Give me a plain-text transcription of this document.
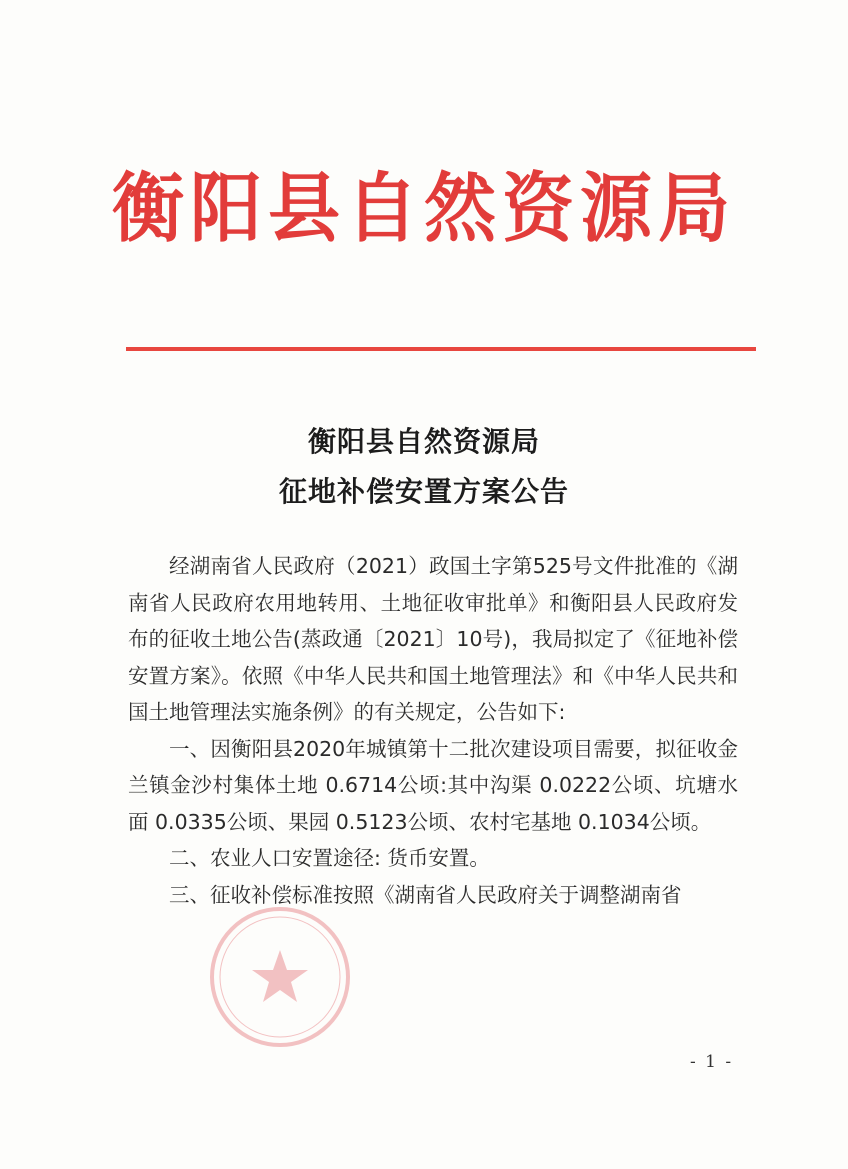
衡阳县自然资源局
衡阳县自然资源局
征地补偿安置方案公告

经湖南省人民政府（2021）政国土字第525号文件批准的《湖南省人民政府农用地转用、土地征收审批单》和衡阳县人民政府发布的征收土地公告(蒸政通〔2021〕10号)，我局拟定了《征地补偿安置方案》。依照《中华人民共和国土地管理法》和《中华人民共和国土地管理法实施条例》的有关规定，公告如下:

一、因衡阳县2020年城镇第十二批次建设项目需要，拟征收金兰镇金沙村集体土地 0.6714公顷:其中沟渠 0.0222公顷、坑塘水面 0.0335公顷、果园 0.5123公顷、农村宅基地 0.1034公顷。

二、农业人口安置途径: 货币安置。

三、征收补偿标准按照《湖南省人民政府关于调整湖南省

- 1 -
